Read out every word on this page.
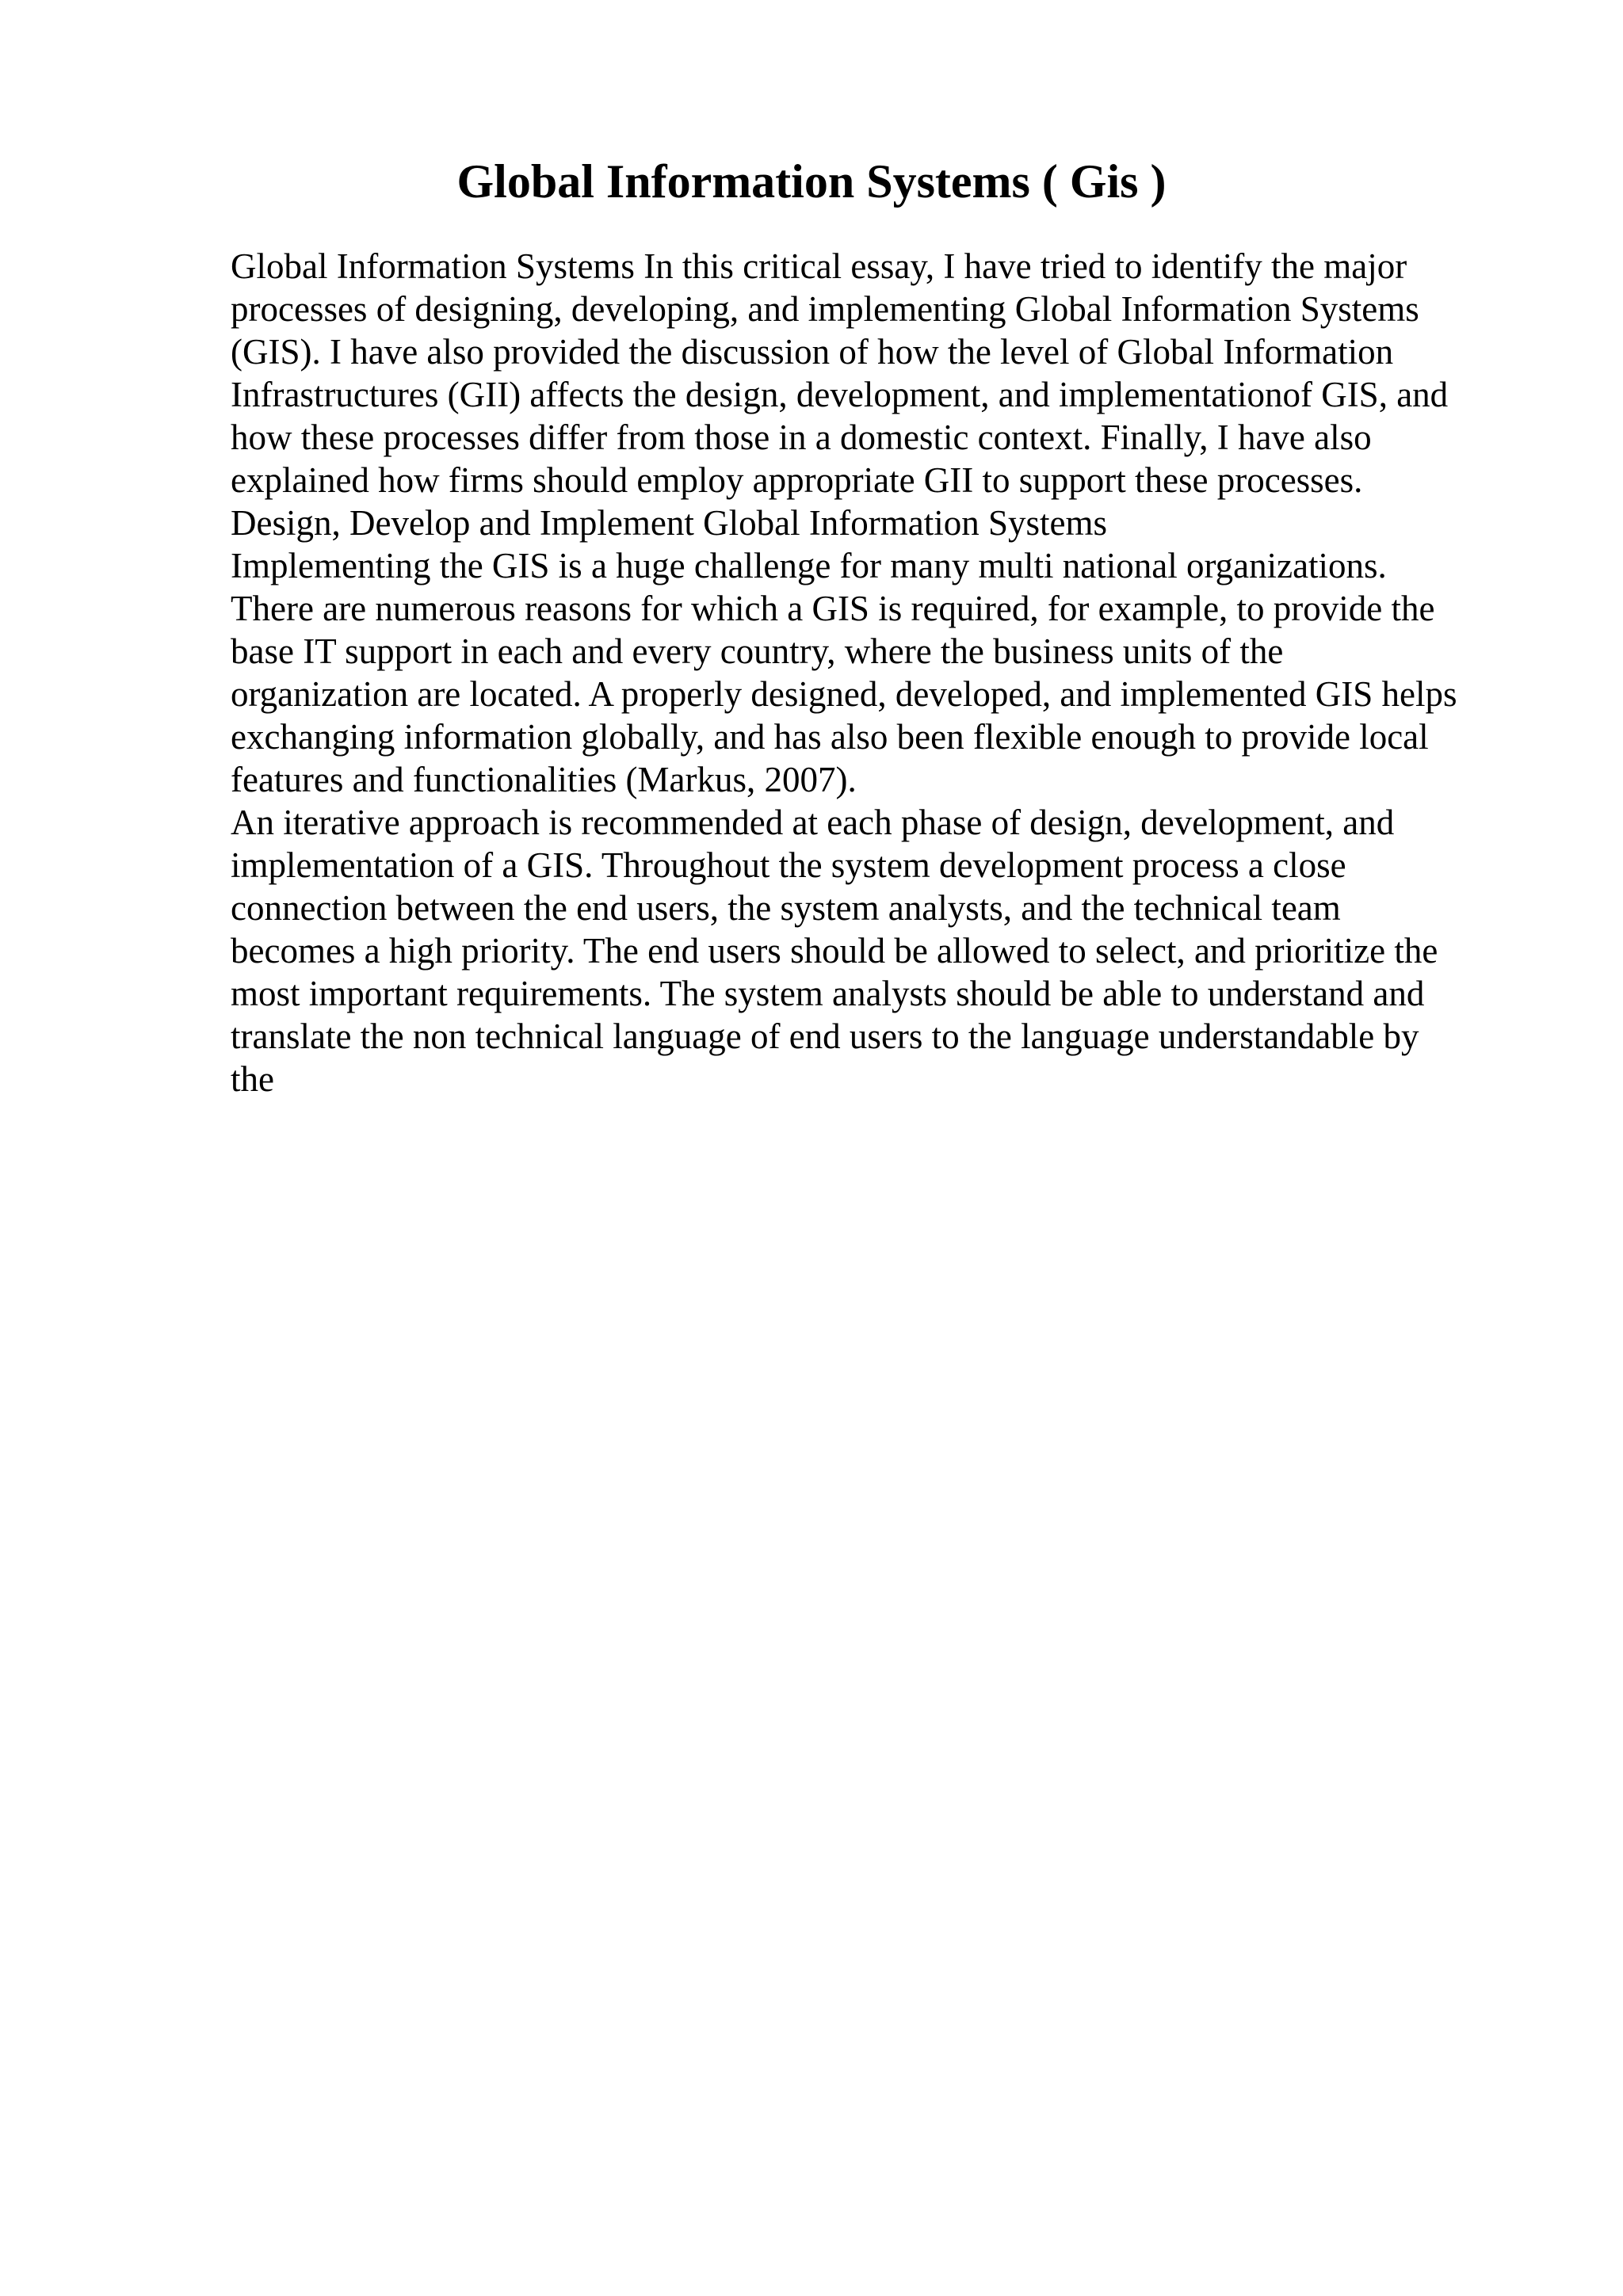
Global Information Systems ( Gis )
Global Information Systems In this critical essay, I have tried to identify the major
processes of designing, developing, and implementing Global Information Systems
(GIS). I have also provided the discussion of how the level of Global Information
Infrastructures (GII) affects the design, development, and implementationof GIS, and
how these processes differ from those in a domestic context. Finally, I have also
explained how firms should employ appropriate GII to support these processes.
Design, Develop and Implement Global Information Systems
Implementing the GIS is a huge challenge for many multi national organizations.
There are numerous reasons for which a GIS is required, for example, to provide the
base IT support in each and every country, where the business units of the
organization are located. A properly designed, developed, and implemented GIS helps
exchanging information globally, and has also been flexible enough to provide local
features and functionalities (Markus, 2007).
An iterative approach is recommended at each phase of design, development, and
implementation of a GIS. Throughout the system development process a close
connection between the end users, the system analysts, and the technical team
becomes a high priority. The end users should be allowed to select, and prioritize the
most important requirements. The system analysts should be able to understand and
translate the non technical language of end users to the language understandable by
the
